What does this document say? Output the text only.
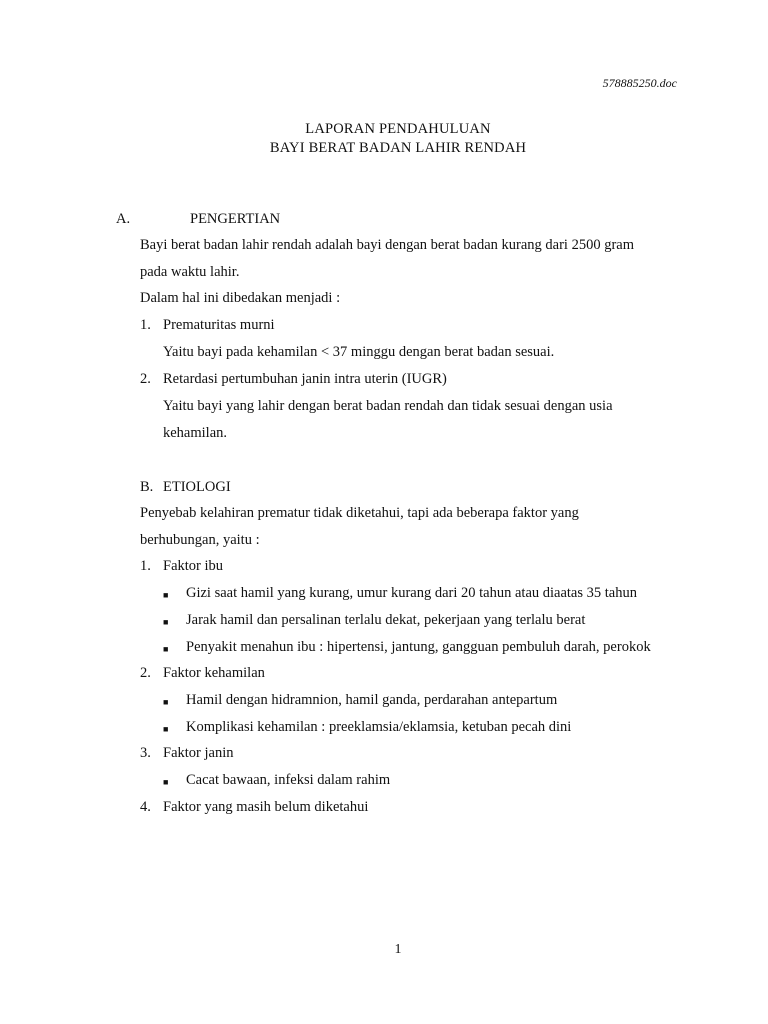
578885250.doc
LAPORAN PENDAHULUAN
BAYI BERAT BADAN LAHIR RENDAH
A.	PENGERTIAN
Bayi berat badan lahir rendah adalah bayi dengan berat badan kurang dari 2500 gram
pada waktu lahir.
Dalam hal ini dibedakan menjadi :
1. Prematuritas murni
Yaitu bayi pada kehamilan < 37 minggu dengan berat badan sesuai.
2. Retardasi pertumbuhan janin intra uterin (IUGR)
Yaitu bayi yang lahir dengan berat badan rendah dan tidak sesuai dengan usia
kehamilan.
B. ETIOLOGI
Penyebab kelahiran prematur tidak diketahui, tapi ada beberapa faktor yang
berhubungan, yaitu :
1. Faktor ibu
■ Gizi saat hamil yang kurang, umur kurang dari 20 tahun atau diaatas 35 tahun
■ Jarak hamil dan persalinan terlalu dekat, pekerjaan yang terlalu berat
■ Penyakit menahun ibu : hipertensi, jantung, gangguan pembuluh darah, perokok
2. Faktor kehamilan
■ Hamil dengan hidramnion, hamil ganda, perdarahan antepartum
■ Komplikasi kehamilan : preeklamsia/eklamsia, ketuban pecah dini
3. Faktor janin
■ Cacat bawaan, infeksi dalam rahim
4. Faktor yang masih belum diketahui
1
